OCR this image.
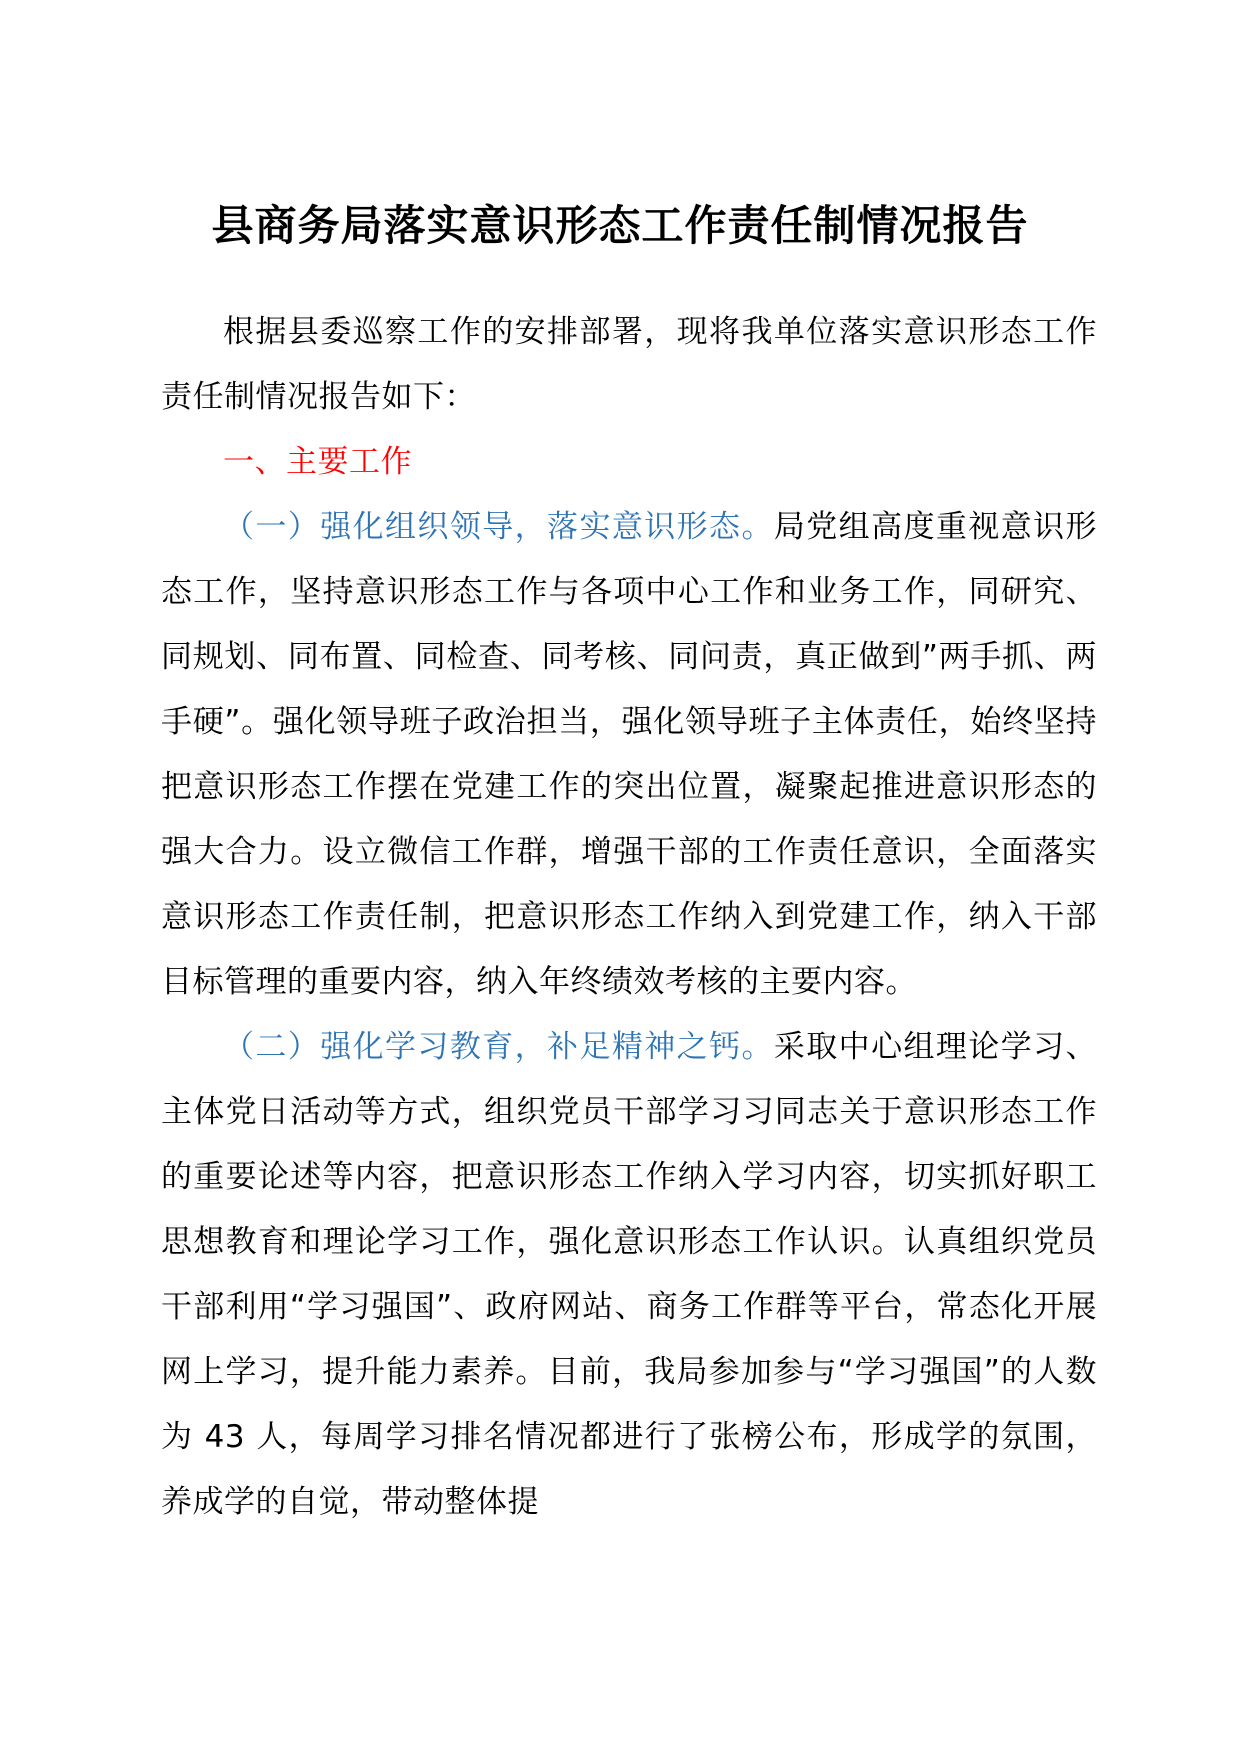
县商务局落实意识形态工作责任制情况报告

根据县委巡察工作的安排部署，现将我单位落实意识形态工作责任制情况报告如下：

一、主要工作

（一）强化组织领导，落实意识形态。局党组高度重视意识形态工作，坚持意识形态工作与各项中心工作和业务工作，同研究、同规划、同布置、同检查、同考核、同问责，真正做到”两手抓、两手硬”。强化领导班子政治担当，强化领导班子主体责任，始终坚持把意识形态工作摆在党建工作的突出位置，凝聚起推进意识形态的强大合力。设立微信工作群，增强干部的工作责任意识，全面落实意识形态工作责任制，把意识形态工作纳入到党建工作，纳入干部目标管理的重要内容，纳入年终绩效考核的主要内容。

（二）强化学习教育，补足精神之钙。采取中心组理论学习、主体党日活动等方式，组织党员干部学习习同志关于意识形态工作的重要论述等内容，把意识形态工作纳入学习内容，切实抓好职工思想教育和理论学习工作，强化意识形态工作认识。认真组织党员干部利用“学习强国”、政府网站、商务工作群等平台，常态化开展网上学习，提升能力素养。目前，我局参加参与“学习强国”的人数为 43 人，每周学习排名情况都进行了张榜公布，形成学的氛围，养成学的自觉，带动整体提
